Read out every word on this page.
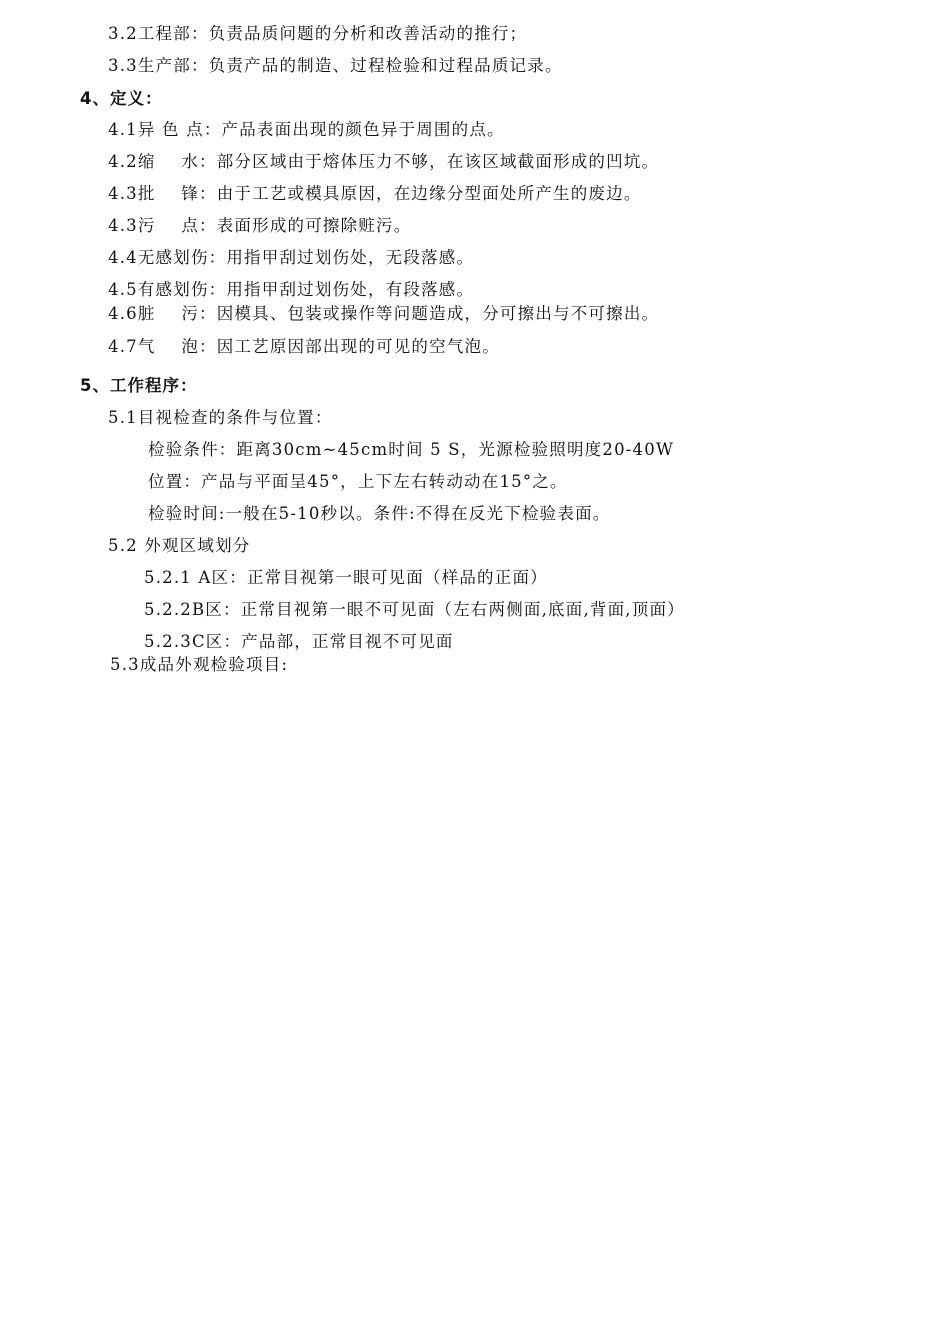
3.2工程部：负责品质问题的分析和改善活动的推行；
3.3生产部：负责产品的制造、过程检验和过程品质记录。
4、定义：
4.1异 色 点：产品表面出现的颜色异于周围的点。
4.2缩    水：部分区域由于熔体压力不够，在该区域截面形成的凹坑。
4.3批    锋：由于工艺或模具原因，在边缘分型面处所产生的废边。
4.3污    点：表面形成的可擦除赃污。
4.4无感划伤：用指甲刮过划伤处，无段落感。
4.5有感划伤：用指甲刮过划伤处，有段落感。
4.6脏    污：因模具、包装或操作等问题造成，分可擦出与不可擦出。
4.7气    泡：因工艺原因部出现的可见的空气泡。
5、工作程序：
5.1目视检查的条件与位置：
检验条件：距离30cm~45cm时间 5 S，光源检验照明度20-40W
位置：产品与平面呈45°，上下左右转动动在15°之。
检验时间:一般在5-10秒以。条件:不得在反光下检验表面。
5.2 外观区域划分
5.2.1 A区：正常目视第一眼可见面（样品的正面）
5.2.2B区：正常目视第一眼不可见面（左右两侧面,底面,背面,顶面）
5.2.3C区：产品部，正常目视不可见面
5.3成品外观检验项目:
